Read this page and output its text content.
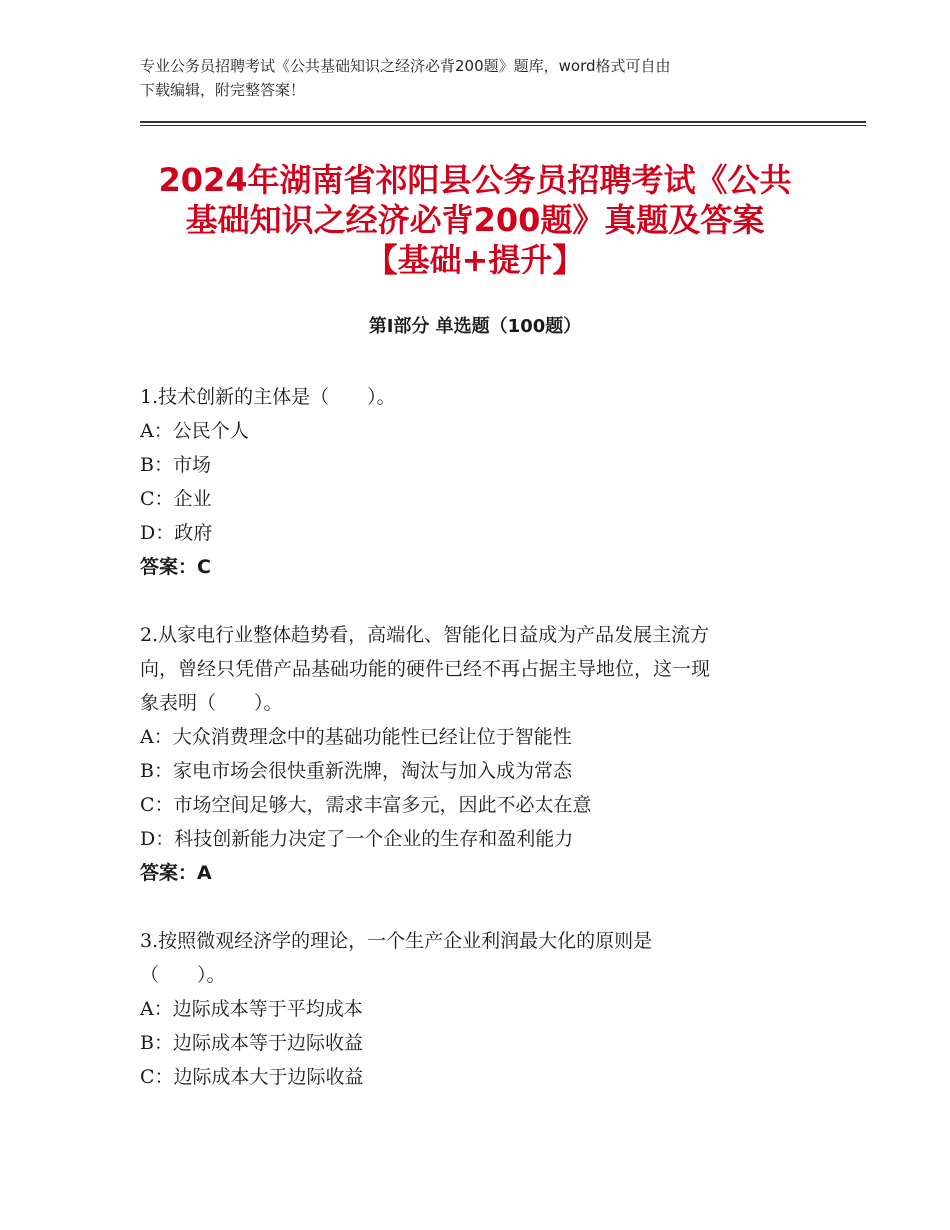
专业公务员招聘考试《公共基础知识之经济必背200题》题库，word格式可自由
下载编辑，附完整答案！
2024年湖南省祁阳县公务员招聘考试《公共
基础知识之经济必背200题》真题及答案
【基础+提升】
第Ⅰ部分 单选题（100题）
1.技术创新的主体是（　　）。
A：公民个人
B：市场
C：企业
D：政府
答案：C
2.从家电行业整体趋势看，高端化、智能化日益成为产品发展主流方
向，曾经只凭借产品基础功能的硬件已经不再占据主导地位，这一现
象表明（　　）。
A：大众消费理念中的基础功能性已经让位于智能性
B：家电市场会很快重新洗牌，淘汰与加入成为常态
C：市场空间足够大，需求丰富多元，因此不必太在意
D：科技创新能力决定了一个企业的生存和盈利能力
答案：A
3.按照微观经济学的理论，一个生产企业利润最大化的原则是
（　　）。
A：边际成本等于平均成本
B：边际成本等于边际收益
C：边际成本大于边际收益
